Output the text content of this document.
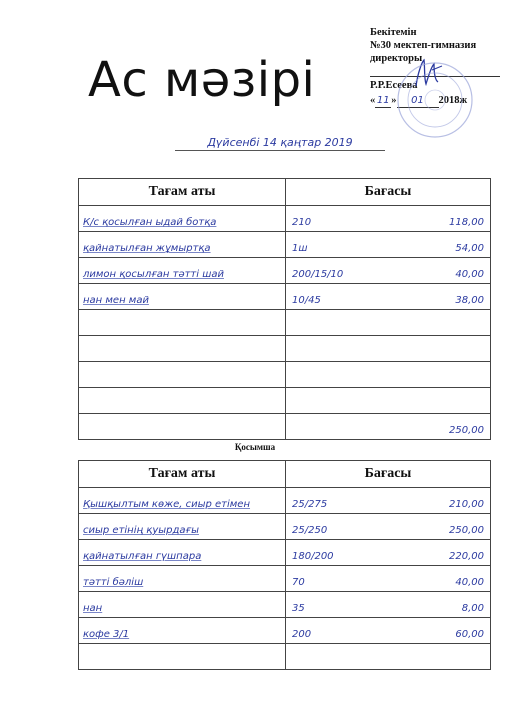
Бекітемін
№30 мектеп-гимназия
директоры
Р.Р.Есеева
« 11 »	01	2018ж
Ас мәзірі
Дүйсенбі 14 қаңтар 2019
Тағам аты	Бағасы
К/с қосылған ыдай ботқа	210 118,00

қайнатылған жұмыртқа	1ш 54,00

лимон қосылған тәтті шай	200/15/10 40,00

нан мен май	10/45 38,00

	250,00
Қосымша
Тағам аты	Бағасы
Қышқылтым көже, сиыр етімен	25/275 210,00

сиыр етінің қуырдағы	25/250 250,00

қайнатылған гүшпара	180/200 220,00

тәтті бәліш	70 40,00

нан	35 8,00

кофе 3/1	200 60,00
